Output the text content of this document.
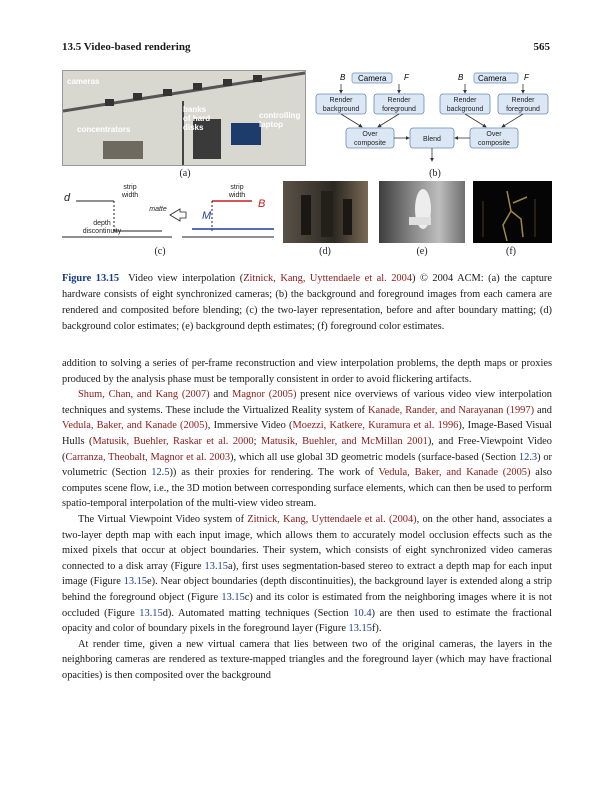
13.5 Video-based rendering	565
cameras
banks
of hard
disks
controlling
laptop
concentrators
(a)
B	F
Camera	B	F
Camera
Render
background
Render
foreground
Render
background
Render
foreground
Over
composite
Blend
Over
composite
(b)
strip
width
strip
width
matte
depth
discontinuity
d
M
B
(c)	(d)	(e)	(f)
Figure 13.15 Video view interpolation (Zitnick, Kang, Uyttendaele et al. 2004) © 2004 ACM: (a) the capture hardware consists of eight synchronized cameras; (b) the background and foreground images from each camera are rendered and composited before blending; (c) the two-layer representation, before and after boundary matting; (d) background color estimates; (e) background depth estimates; (f) foreground color estimates.

addition to solving a series of per-frame reconstruction and view interpolation problems, the depth maps or proxies produced by the analysis phase must be temporally consistent in order to avoid flickering artifacts.

Shum, Chan, and Kang (2007) and Magnor (2005) present nice overviews of various video view interpolation techniques and systems. These include the Virtualized Reality system of Kanade, Rander, and Narayanan (1997) and Vedula, Baker, and Kanade (2005), Immersive Video (Moezzi, Katkere, Kuramura et al. 1996), Image-Based Visual Hulls (Matusik, Buehler, Raskar et al. 2000; Matusik, Buehler, and McMillan 2001), and Free-Viewpoint Video (Carranza, Theobalt, Magnor et al. 2003), which all use global 3D geometric models (surface-based (Section 12.3) or volumetric (Section 12.5)) as their proxies for rendering. The work of Vedula, Baker, and Kanade (2005) also computes scene flow, i.e., the 3D motion between corresponding surface elements, which can then be used to perform spatio-temporal interpolation of the multi-view video stream.

The Virtual Viewpoint Video system of Zitnick, Kang, Uyttendaele et al. (2004), on the other hand, associates a two-layer depth map with each input image, which allows them to accurately model occlusion effects such as the mixed pixels that occur at object boundaries. Their system, which consists of eight synchronized video cameras connected to a disk array (Figure 13.15a), first uses segmentation-based stereo to extract a depth map for each input image (Figure 13.15e). Near object boundaries (depth discontinuities), the background layer is extended along a strip behind the foreground object (Figure 13.15c) and its color is estimated from the neighboring images where it is not occluded (Figure 13.15d). Automated matting techniques (Section 10.4) are then used to estimate the fractional opacity and color of boundary pixels in the foreground layer (Figure 13.15f).

At render time, given a new virtual camera that lies between two of the original cameras, the layers in the neighboring cameras are rendered as texture-mapped triangles and the foreground layer (which may have fractional opacities) is then composited over the background
